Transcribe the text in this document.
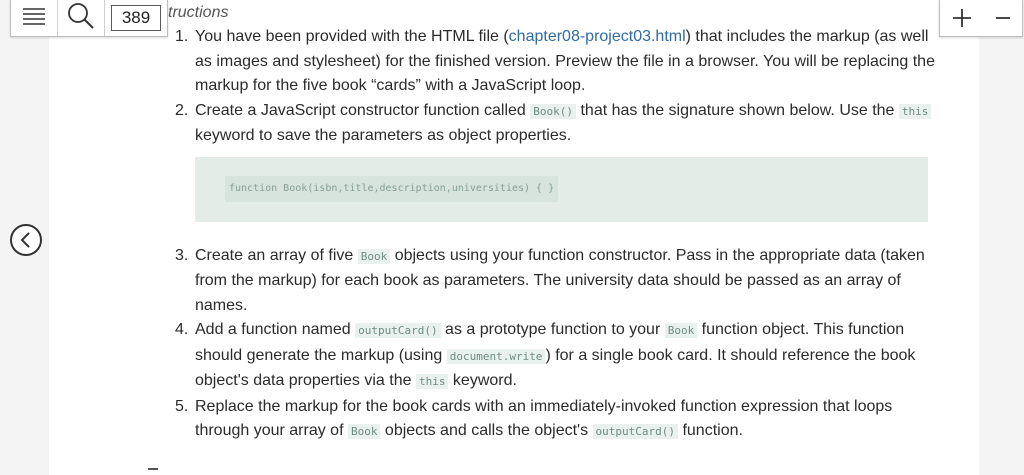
tructions
389
1. You have been provided with the HTML file (chapter08-project03.html) that includes the markup (as well as images and stylesheet) for the finished version. Preview the file in a browser. You will be replacing the markup for the five book “cards” with a JavaScript loop.
2. Create a JavaScript constructor function called Book() that has the signature shown below. Use the this keyword to save the parameters as object properties.
function Book(isbn,title,description,universities) { }
3. Create an array of five Book objects using your function constructor. Pass in the appropriate data (taken from the markup) for each book as parameters. The university data should be passed as an array of names.
4. Add a function named outputCard() as a prototype function to your Book function object. This function should generate the markup (using document.write ) for a single book card. It should reference the book object's data properties via the this keyword.
5. Replace the markup for the book cards with an immediately-invoked function expression that loops through your array of Book objects and calls the object's outputCard() function.
